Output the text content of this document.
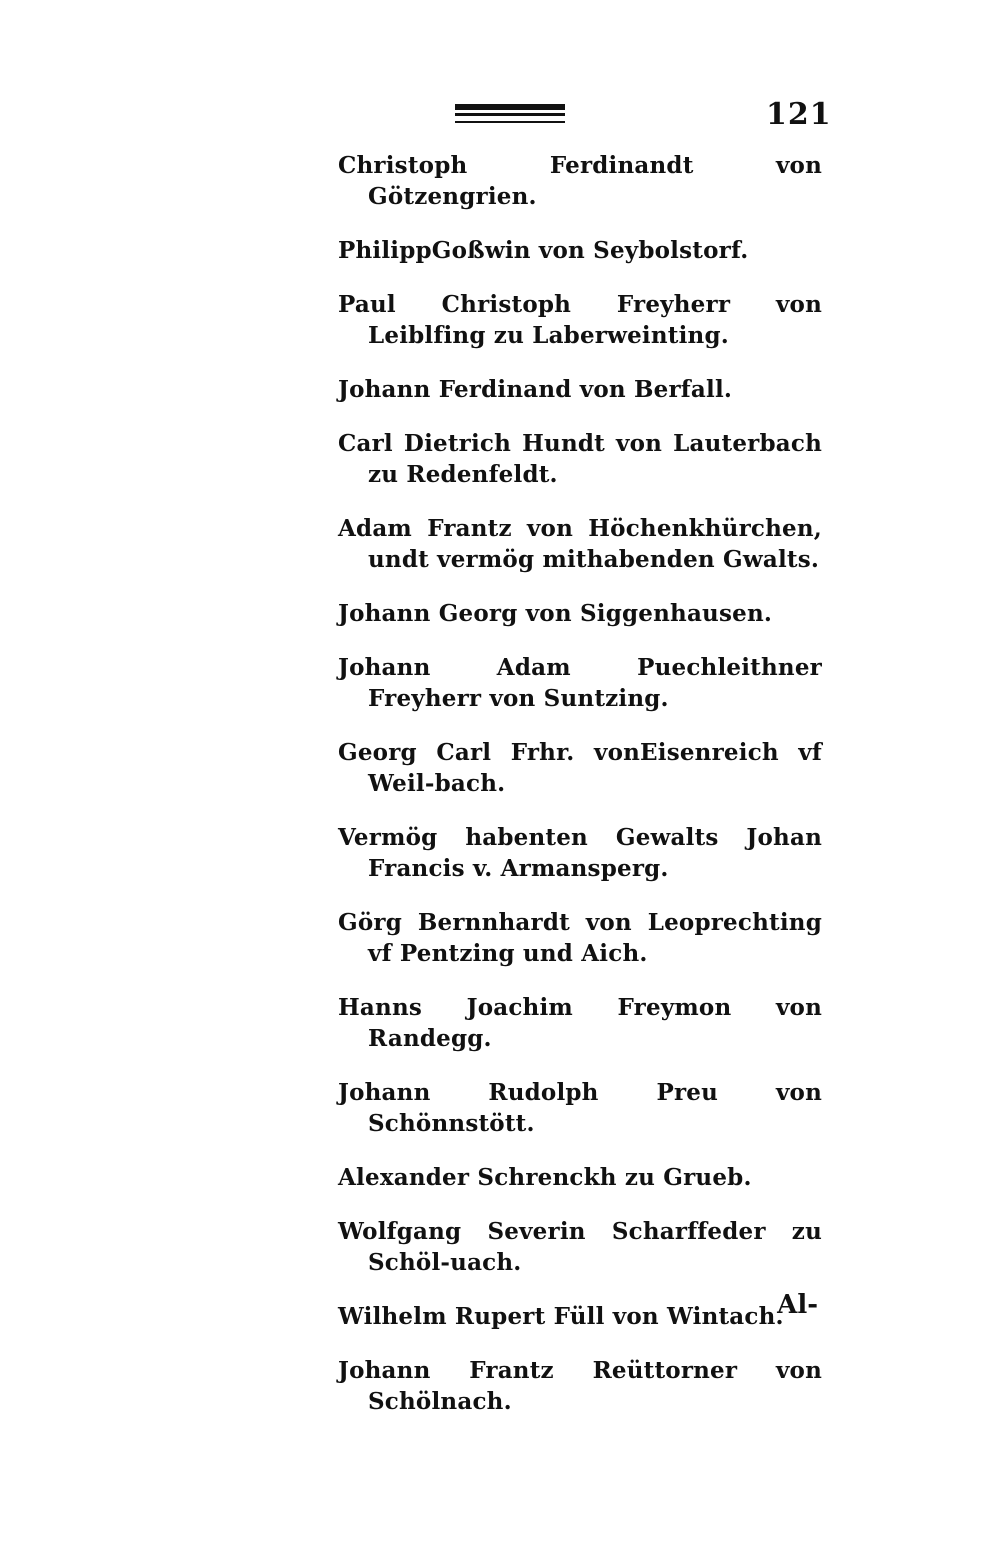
121
Christoph Ferdinandt von Götzengrien.
PhilippGoßwin von Seybolstorf.
Paul Christoph Freyherr von Leiblfing zu Laberweinting.
Johann Ferdinand von Berfall.
Carl Dietrich Hundt von Lauterbach zu Redenfeldt.
Adam Frantz von Höchenkhürchen, undt vermög mithabenden Gwalts.
Johann Georg von Siggenhausen.
Johann Adam Puechleithner Freyherr von Suntzing.
Georg Carl Frhr. vonEisenreich vf Weil-bach.
Vermög habenten Gewalts Johan Francis v. Armansperg.
Görg Bernnhardt von Leoprechting vf Pentzing und Aich.
Hanns Joachim Freymon von Randegg.
Johann Rudolph Preu von Schönnstött.
Alexander Schrenckh zu Grueb.
Wolfgang Severin Scharffeder zu Schöl-uach.
Wilhelm Rupert Füll von Wintach.
Johann Frantz Reüttorner von Schölnach.
Al-
